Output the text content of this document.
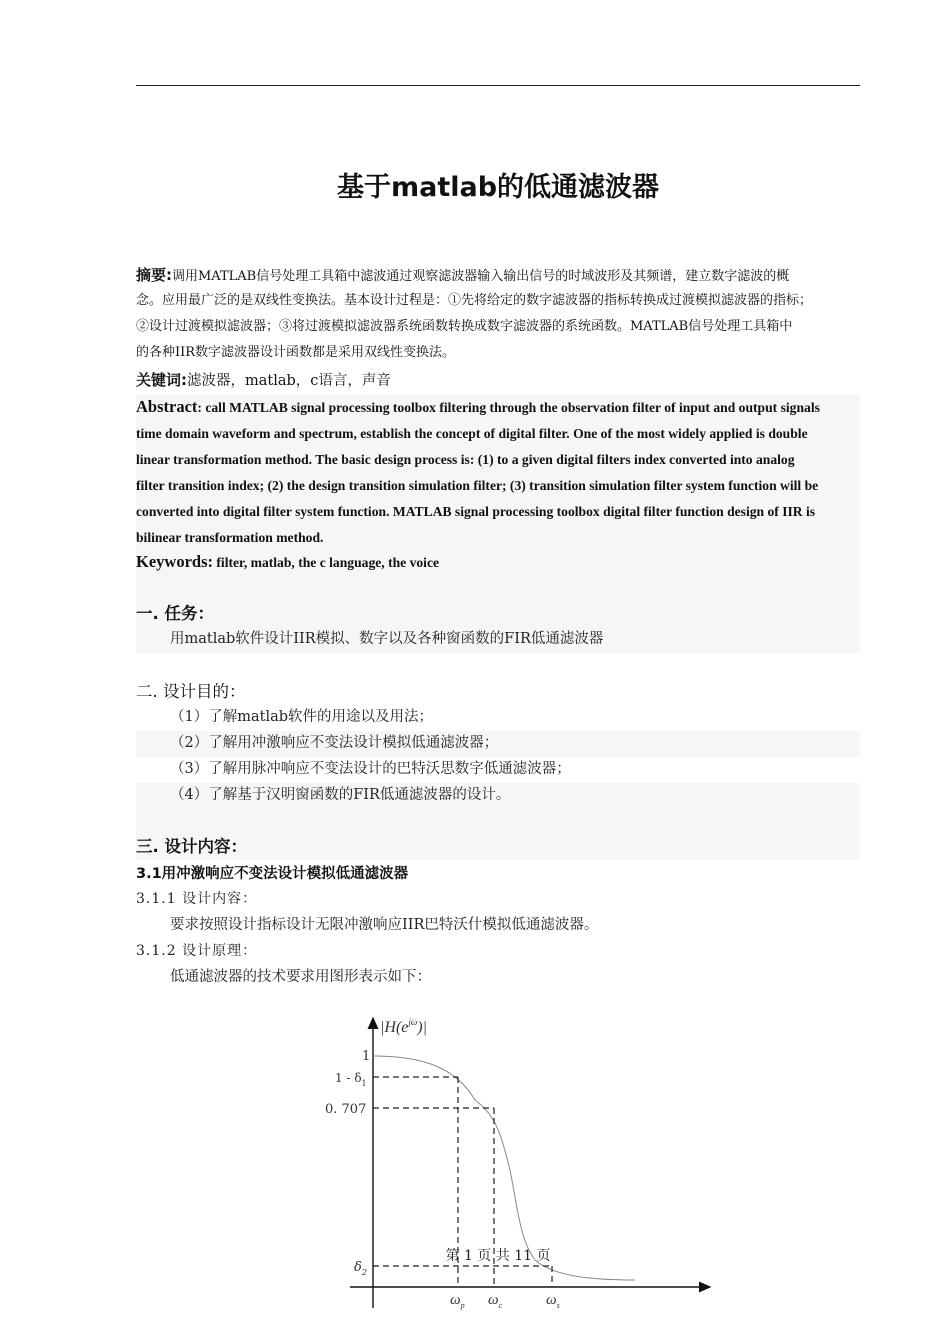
基于matlab的低通滤波器
摘要:调用MATLAB信号处理工具箱中滤波通过观察滤波器输入输出信号的时域波形及其频谱，建立数字滤波的概
念。应用最广泛的是双线性变换法。基本设计过程是：①先将给定的数字滤波器的指标转换成过渡模拟滤波器的指标；
②设计过渡模拟滤波器；③将过渡模拟滤波器系统函数转换成数字滤波器的系统函数。MATLAB信号处理工具箱中
的各种IIR数字滤波器设计函数都是采用双线性变换法。
关键词:滤波器，matlab，c语言，声音
Abstract: call MATLAB signal processing toolbox filtering through the observation filter of input and output signals
time domain waveform and spectrum, establish the concept of digital filter. One of the most widely applied is double
linear transformation method. The basic design process is: (1) to a given digital filters index converted into analog
filter transition index; (2) the design transition simulation filter; (3) transition simulation filter system function will be
converted into digital filter system function. MATLAB signal processing toolbox digital filter function design of IIR is
bilinear transformation method.
Keywords: filter, matlab, the c language, the voice
一. 任务：
用matlab软件设计IIR模拟、数字以及各种窗函数的FIR低通滤波器
二. 设计目的：
（1）了解matlab软件的用途以及用法；
（2）了解用冲激响应不变法设计模拟低通滤波器；
（3）了解用脉冲响应不变法设计的巴特沃思数字低通滤波器；
（4）了解基于汉明窗函数的FIR低通滤波器的设计。
三. 设计内容：
3.1用冲激响应不变法设计模拟低通滤波器
3.1.1 设计内容：
要求按照设计指标设计无限冲激响应IIR巴特沃什模拟低通滤波器。
3.1.2 设计原理：
低通滤波器的技术要求用图形表示如下：
$|H(e^{j\omega})|$
1
$1 - \delta_1$
0. 707
$\delta_2$
$\omega_p$ $\omega_c$	$\omega_s$
第 1 页 共 11 页
